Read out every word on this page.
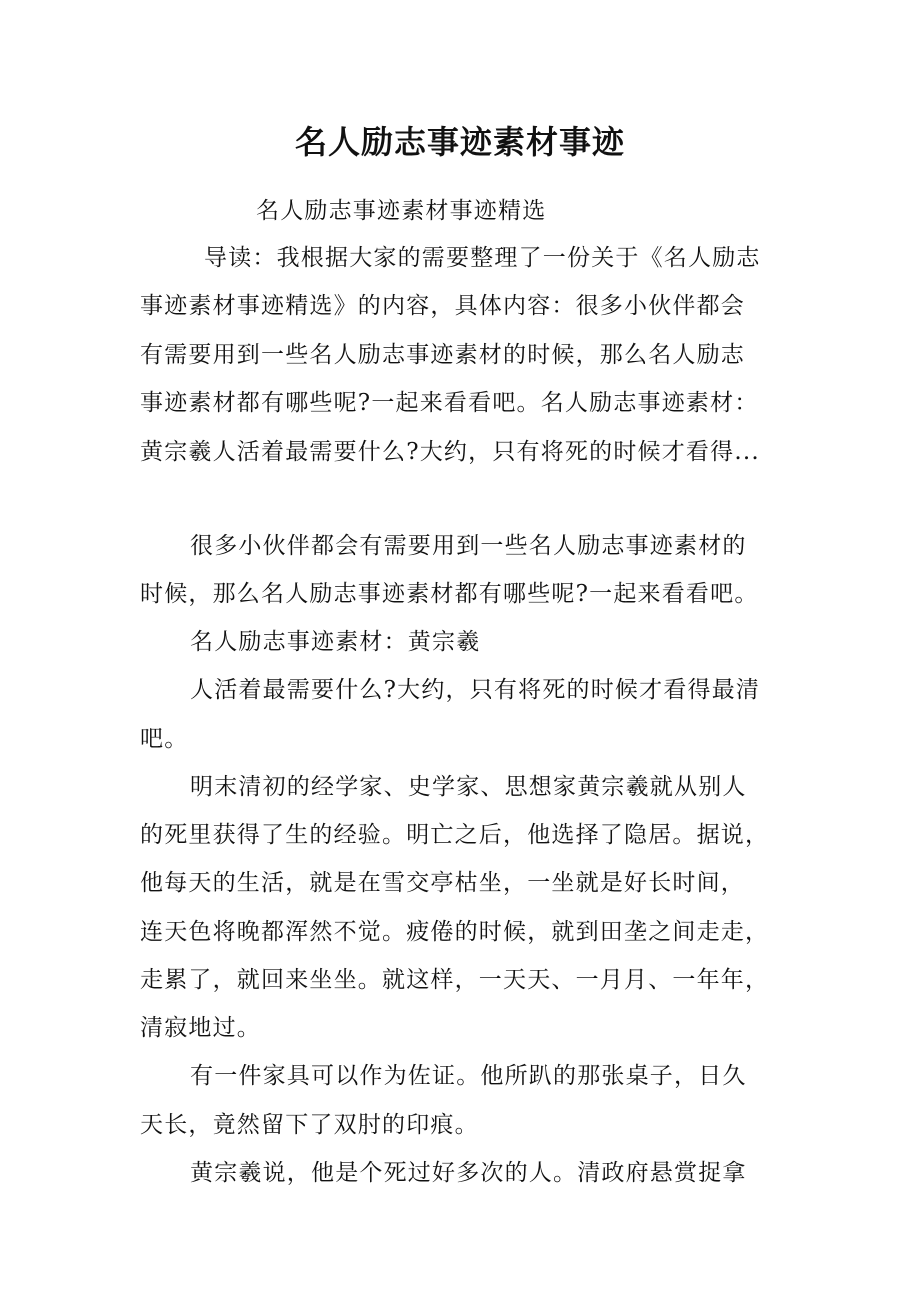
名人励志事迹素材事迹
名人励志事迹素材事迹精选
导读：我根据大家的需要整理了一份关于《名人励志
事迹素材事迹精选》的内容，具体内容：很多小伙伴都会
有需要用到一些名人励志事迹素材的时候，那么名人励志
事迹素材都有哪些呢?一起来看看吧。名人励志事迹素材：
黄宗羲人活着最需要什么?大约，只有将死的时候才看得...
很多小伙伴都会有需要用到一些名人励志事迹素材的
时候，那么名人励志事迹素材都有哪些呢?一起来看看吧。
名人励志事迹素材：黄宗羲
人活着最需要什么?大约，只有将死的时候才看得最清
吧。
明末清初的经学家、史学家、思想家黄宗羲就从别人
的死里获得了生的经验。明亡之后，他选择了隐居。据说，
他每天的生活，就是在雪交亭枯坐，一坐就是好长时间，
连天色将晚都浑然不觉。疲倦的时候，就到田垄之间走走，
走累了，就回来坐坐。就这样，一天天、一月月、一年年，
清寂地过。
有一件家具可以作为佐证。他所趴的那张桌子，日久
天长，竟然留下了双肘的印痕。
黄宗羲说，他是个死过好多次的人。清政府悬赏捉拿
